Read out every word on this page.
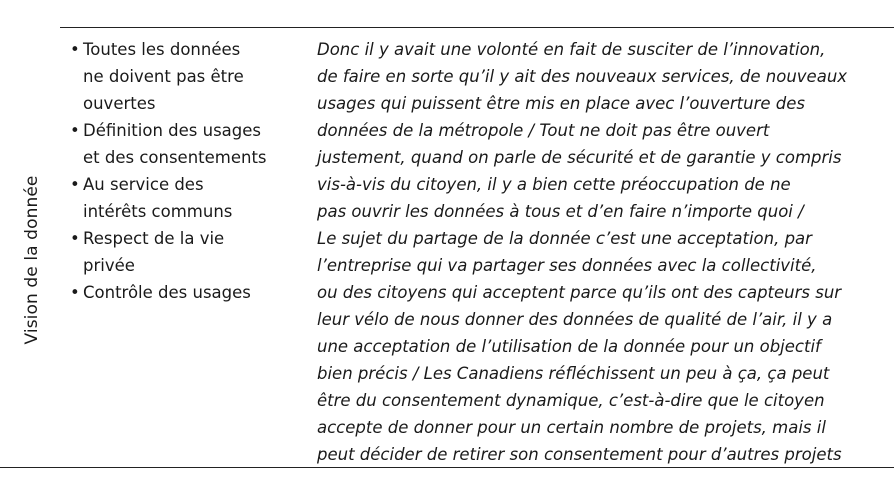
Vision de la donnée
• Toutes les données
ne doivent pas être
ouvertes
• Définition des usages
et des consentements
• Au service des
intérêts communs
• Respect de la vie
privée
• Contrôle des usages
Donc il y avait une volonté en fait de susciter de l’innovation,
de faire en sorte qu’il y ait des nouveaux services, de nouveaux
usages qui puissent être mis en place avec l’ouverture des
données de la métropole / Tout ne doit pas être ouvert
justement, quand on parle de sécurité et de garantie y compris
vis-à-vis du citoyen, il y a bien cette préoccupation de ne
pas ouvrir les données à tous et d’en faire n’importe quoi /
Le sujet du partage de la donnée c’est une acceptation, par
l’entreprise qui va partager ses données avec la collectivité,
ou des citoyens qui acceptent parce qu’ils ont des capteurs sur
leur vélo de nous donner des données de qualité de l’air, il y a
une acceptation de l’utilisation de la donnée pour un objectif
bien précis / Les Canadiens réfléchissent un peu à ça, ça peut
être du consentement dynamique, c’est-à-dire que le citoyen
accepte de donner pour un certain nombre de projets, mais il
peut décider de retirer son consentement pour d’autres projets
